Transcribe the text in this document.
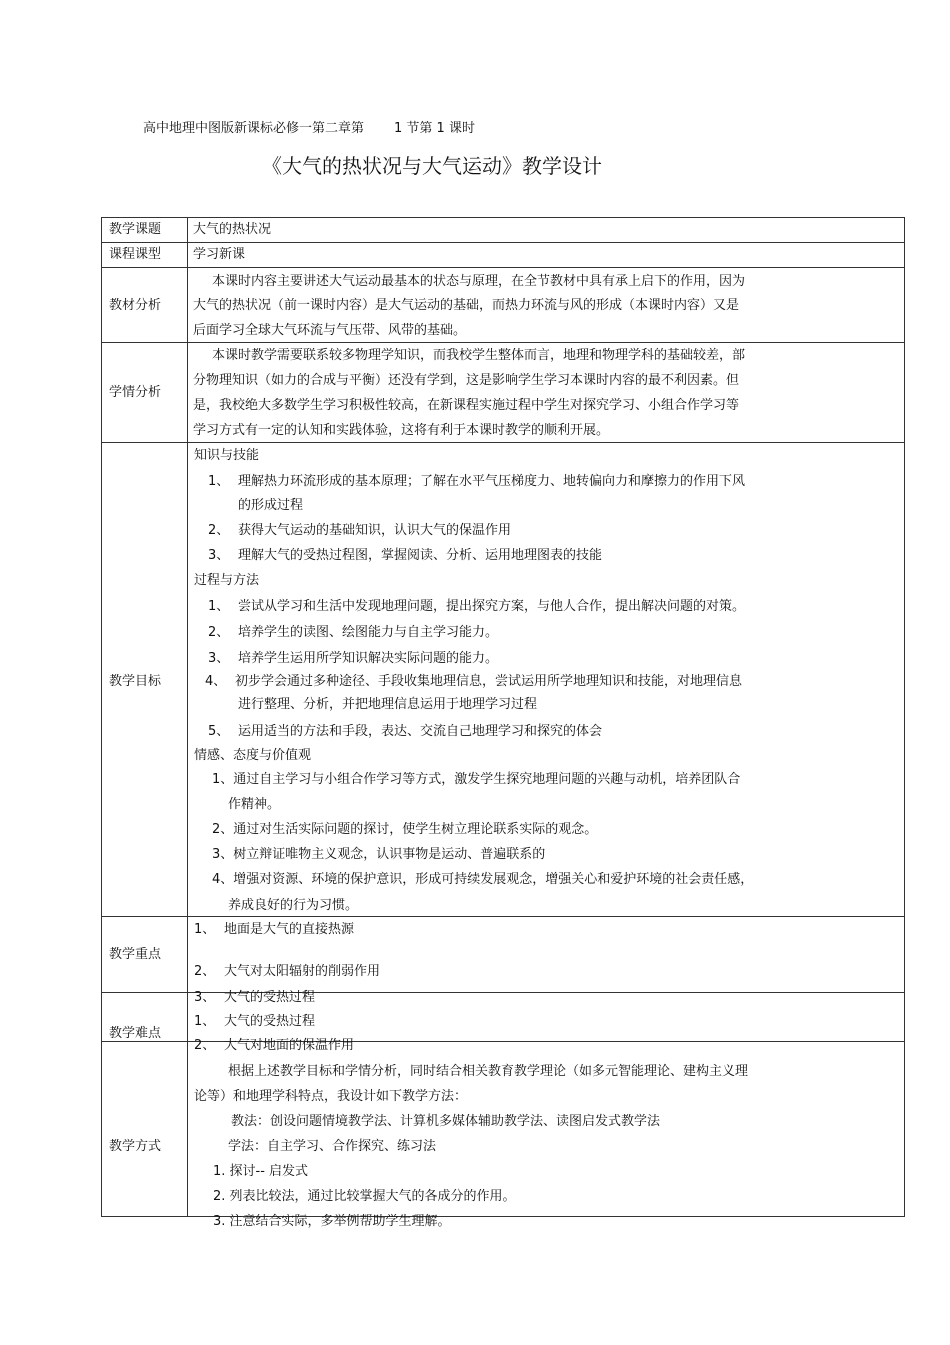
高中地理中图版新课标必修一第二章第 1 节第 1 课时
《大气的热状况与大气运动》教学设计
教学课题 大气的热状况
课程课型 学习新课
教材分析
本课时内容主要讲述大气运动最基本的状态与原理，在全节教材中具有承上启下的作用，因为
大气的热状况（前一课时内容）是大气运动的基础，而热力环流与风的形成（本课时内容）又是
后面学习全球大气环流与气压带、风带的基础。
学情分析
本课时教学需要联系较多物理学知识，而我校学生整体而言，地理和物理学科的基础较差，部
分物理知识（如力的合成与平衡）还没有学到，这是影响学生学习本课时内容的最不利因素。但
是，我校绝大多数学生学习积极性较高，在新课程实施过程中学生对探究学习、小组合作学习等
学习方式有一定的认知和实践体验，这将有利于本课时教学的顺利开展。
教学目标
知识与技能
1、 理解热力环流形成的基本原理；了解在水平气压梯度力、地转偏向力和摩擦力的作用下风
的形成过程
2、 获得大气运动的基础知识，认识大气的保温作用
3、 理解大气的受热过程图，掌握阅读、分析、运用地理图表的技能
过程与方法
1、 尝试从学习和生活中发现地理问题，提出探究方案，与他人合作，提出解决问题的对策。
2、 培养学生的读图、绘图能力与自主学习能力。
3、 培养学生运用所学知识解决实际问题的能力。
4、 初步学会通过多种途径、手段收集地理信息，尝试运用所学地理知识和技能，对地理信息
进行整理、分析，并把地理信息运用于地理学习过程
5、 运用适当的方法和手段，表达、交流自己地理学习和探究的体会
情感、态度与价值观
1、通过自主学习与小组合作学习等方式，激发学生探究地理问题的兴趣与动机，培养团队合
作精神。
2、通过对生活实际问题的探讨，使学生树立理论联系实际的观念。
3、树立辩证唯物主义观念，认识事物是运动、普遍联系的
4、增强对资源、环境的保护意识，形成可持续发展观念，增强关心和爱护环境的社会责任感，
养成良好的行为习惯。
教学重点
1、 地面是大气的直接热源
2、 大气对太阳辐射的削弱作用
3、 大气的受热过程
教学难点
1、 大气的受热过程
2、 大气对地面的保温作用
教学方式
根据上述教学目标和学情分析，同时结合相关教育教学理论（如多元智能理论、建构主义理
论等）和地理学科特点，我设计如下教学方法：
教法：创设问题情境教学法、计算机多媒体辅助教学法、读图启发式教学法
学法：自主学习、合作探究、练习法
1. 探讨-- 启发式
2. 列表比较法，通过比较掌握大气的各成分的作用。
3. 注意结合实际，多举例帮助学生理解。
